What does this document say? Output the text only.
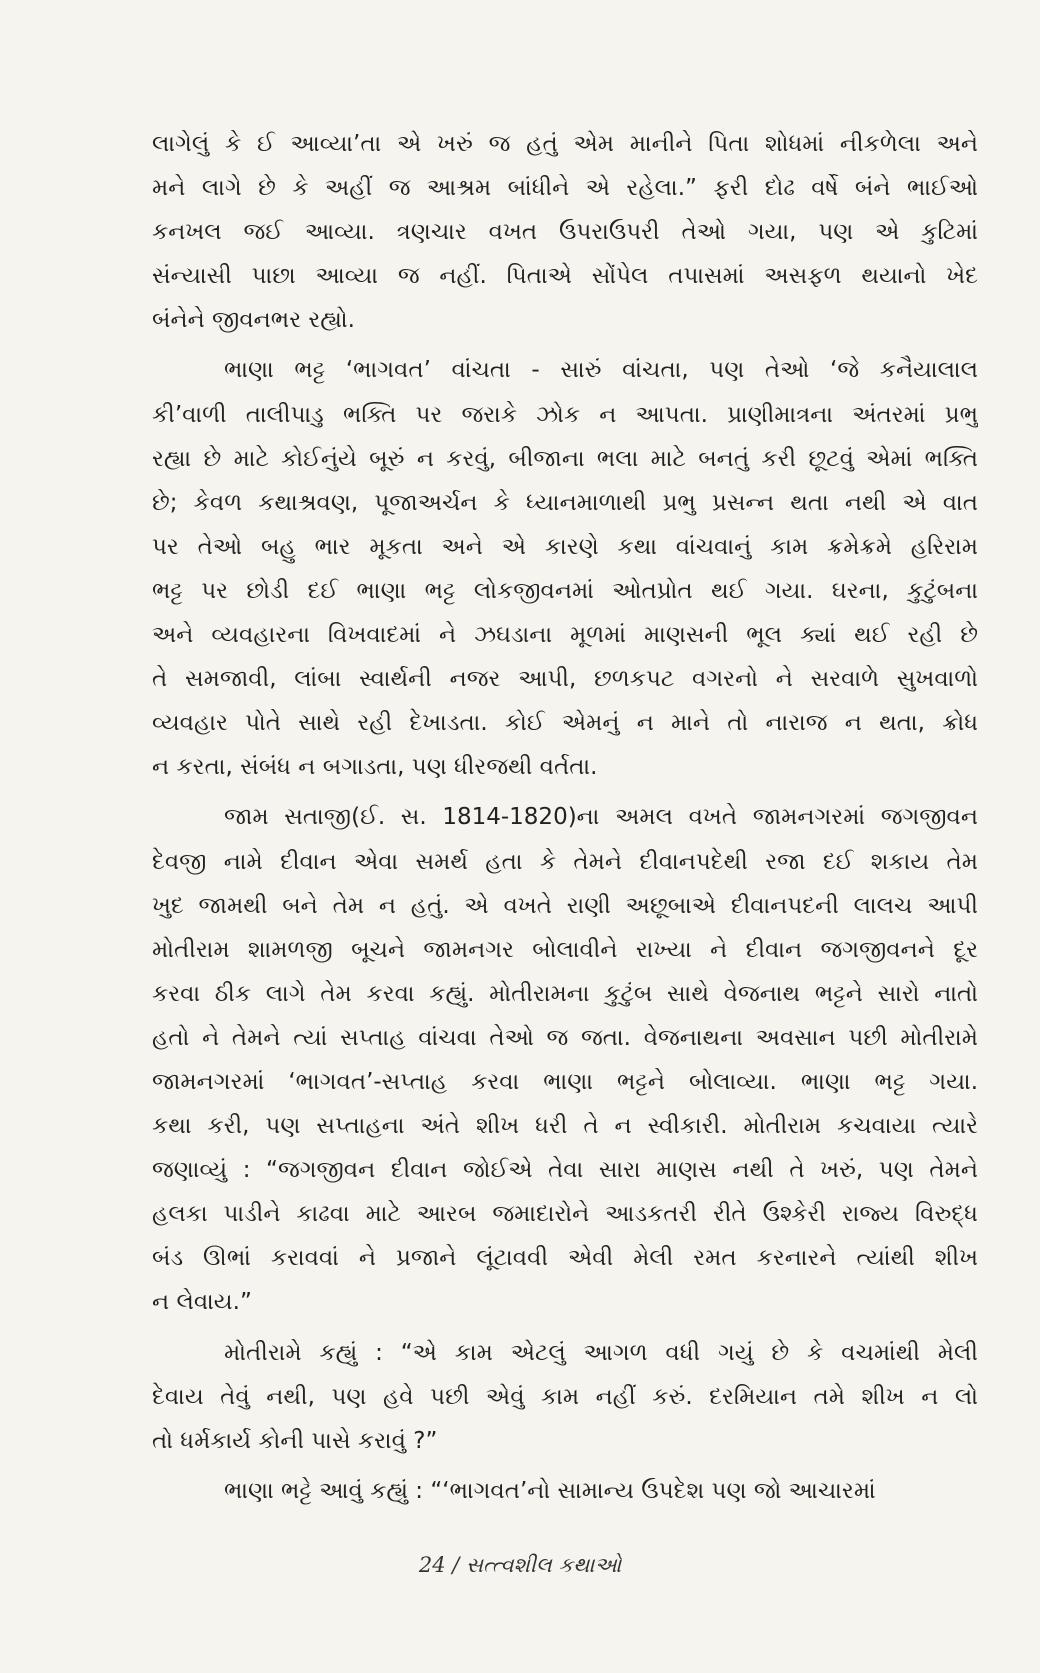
લાગેલું કે ઈ આવ્યા’તા એ ખરું જ હતું એમ માનીને પિતા શોધમાં નીકળેલા અને
મને લાગે છે કે અહીં જ આશ્રમ બાંધીને એ રહેલા.” ફરી દોઢ વર્ષે બંને ભાઈઓ
કનખલ જઈ આવ્યા. ત્રણચાર વખત ઉપરાઉપરી તેઓ ગયા, પણ એ કુટિમાં
સંન્યાસી પાછા આવ્યા જ નહીં. પિતાએ સોંપેલ તપાસમાં અસફળ થયાનો ખેદ
બંનેને જીવનભર રહ્યો.
ભાણા ભટ્ટ ‘ભાગવત’ વાંચતા - સારું વાંચતા, પણ તેઓ ‘જે કનૈયાલાલ
કી’વાળી તાલીપાડુ ભક્તિ પર જરાકે ઝોક ન આપતા. પ્રાણીમાત્રના અંતરમાં પ્રભુ
રહ્યા છે માટે કોઈનુંયે બૂરું ન કરવું, બીજાના ભલા માટે બનતું કરી છૂટવું એમાં ભક્તિ
છે; કેવળ કથાશ્રવણ, પૂજાઅર્ચન કે ધ્યાનમાળાથી પ્રભુ પ્રસન્ન થતા નથી એ વાત
પર તેઓ બહુ ભાર મૂકતા અને એ કારણે કથા વાંચવાનું કામ ક્રમેક્રમે હરિરામ
ભટ્ટ પર છોડી દઈ ભાણા ભટ્ટ લોકજીવનમાં ઓતપ્રોત થઈ ગયા. ઘરના, કુટુંબના
અને વ્યવહારના વિખવાદમાં ને ઝઘડાના મૂળમાં માણસની ભૂલ ક્યાં થઈ રહી છે
તે સમજાવી, લાંબા સ્વાર્થની નજર આપી, છળકપટ વગરનો ને સરવાળે સુખવાળો
વ્યવહાર પોતે સાથે રહી દેખાડતા. કોઈ એમનું ન માને તો નારાજ ન થતા, ક્રોધ
ન કરતા, સંબંધ ન બગાડતા, પણ ધીરજથી વર્તતા.
જામ સતાજી(ઈ. સ. 1814-1820)ના અમલ વખતે જામનગરમાં જગજીવન
દેવજી નામે દીવાન એવા સમર્થ હતા કે તેમને દીવાનપદેથી રજા દઈ શકાય તેમ
ખુદ જામથી બને તેમ ન હતું. એ વખતે રાણી અછૂબાએ દીવાનપદની લાલચ આપી
મોતીરામ શામળજી બૂચને જામનગર બોલાવીને રાખ્યા ને દીવાન જગજીવનને દૂર
કરવા ઠીક લાગે તેમ કરવા કહ્યું. મોતીરામના કુટુંબ સાથે વેજનાથ ભટ્ટને સારો નાતો
હતો ને તેમને ત્યાં સપ્તાહ વાંચવા તેઓ જ જતા. વેજનાથના અવસાન પછી મોતીરામે
જામનગરમાં ‘ભાગવત’-સપ્તાહ કરવા ભાણા ભટ્ટને બોલાવ્યા. ભાણા ભટ્ટ ગયા.
કથા કરી, પણ સપ્તાહના અંતે શીખ ધરી તે ન સ્વીકારી. મોતીરામ કચવાયા ત્યારે
જણાવ્યું : “જગજીવન દીવાન જોઈએ તેવા સારા માણસ નથી તે ખરું, પણ તેમને
હલકા પાડીને કાઢવા માટે આરબ જમાદારોને આડકતરી રીતે ઉશ્કેરી રાજ્ય વિરુદ્ધ
બંડ ઊભાં કરાવવાં ને પ્રજાને લૂંટાવવી એવી મેલી રમત કરનારને ત્યાંથી શીખ
ન લેવાય.”
મોતીરામે કહ્યું : “એ કામ એટલું આગળ વધી ગયું છે કે વચમાંથી મેલી
દેવાય તેવું નથી, પણ હવે પછી એવું કામ નહીં કરું. દરમિયાન તમે શીખ ન લો
તો ધર્મકાર્ય કોની પાસે કરાવું ?”
ભાણા ભટ્ટે આવું કહ્યું : “‘ભાગવત’નો સામાન્ય ઉપદેશ પણ જો આચારમાં
24 / સત્ત્વશીલ કથાઓ
